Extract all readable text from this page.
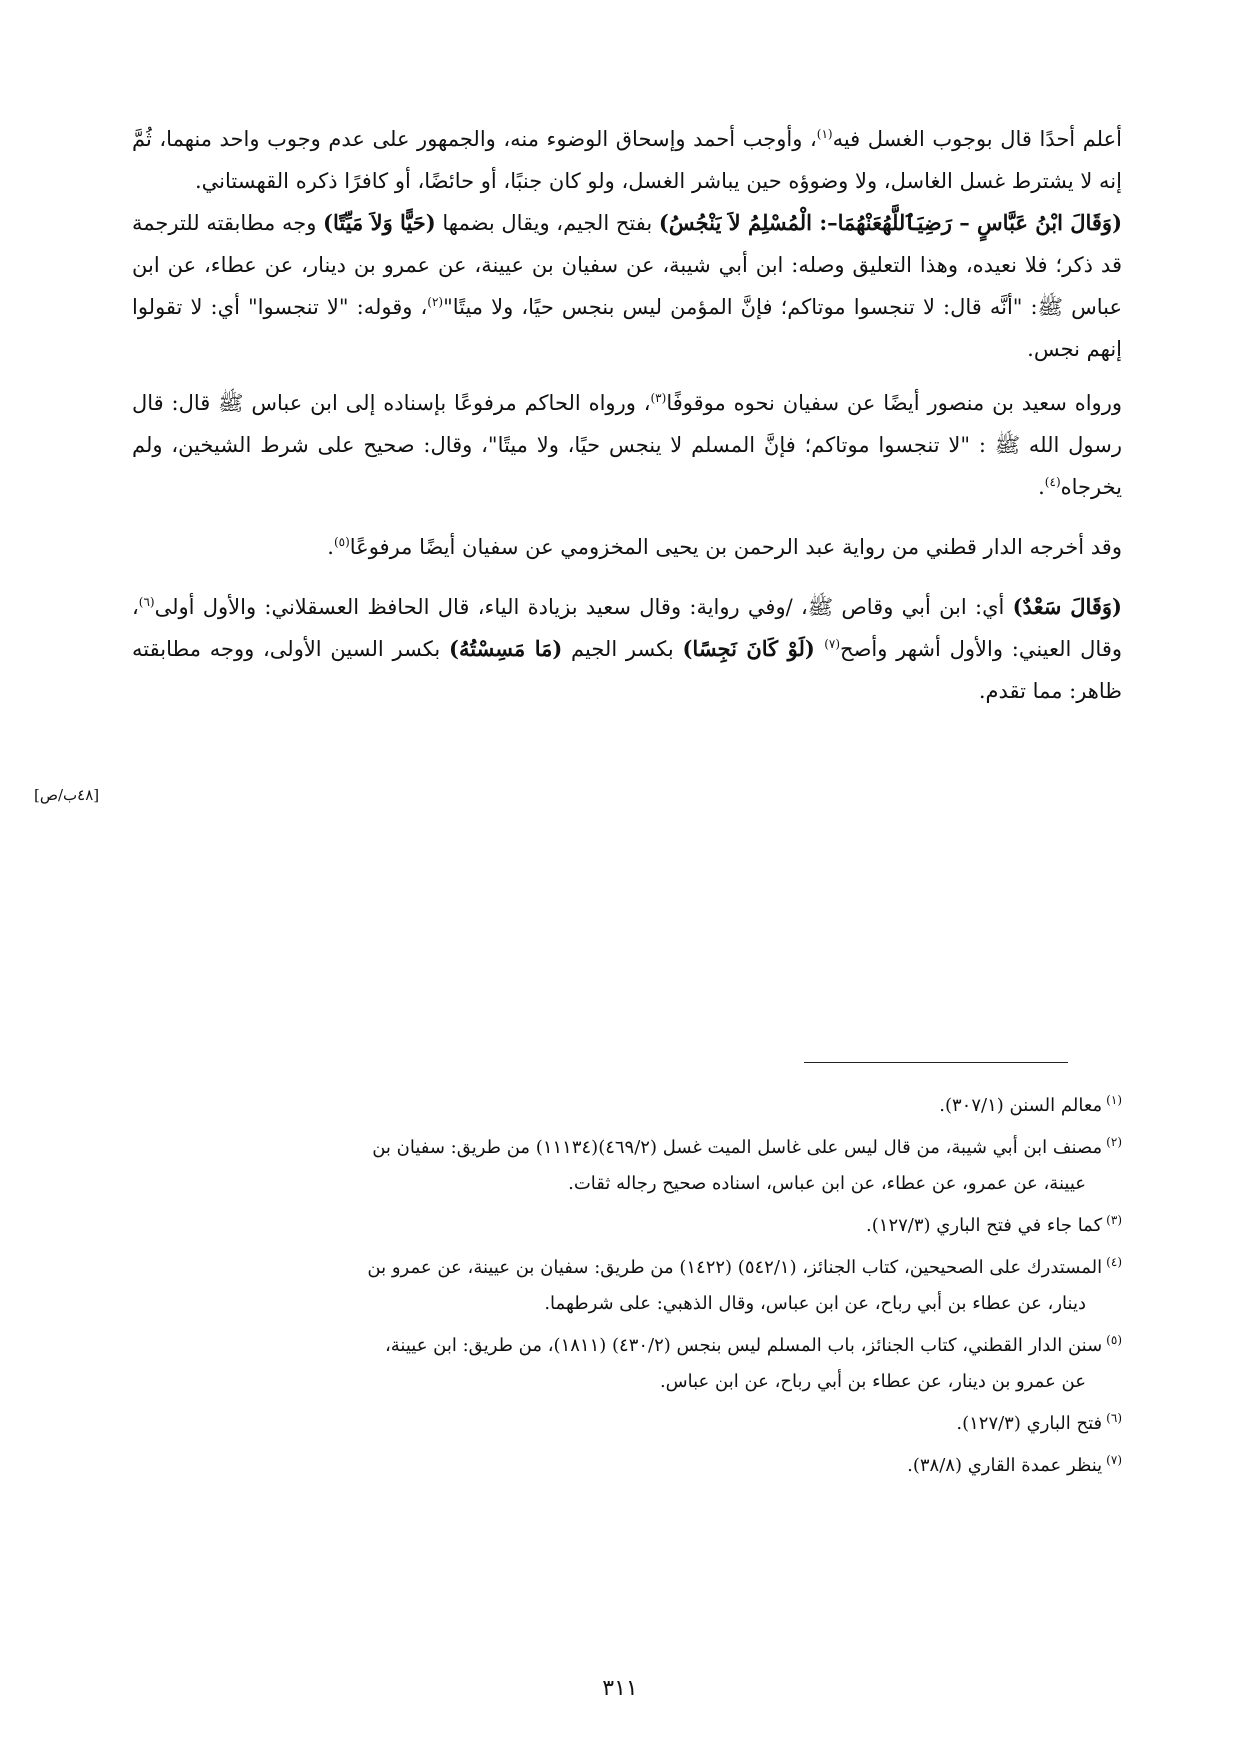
أعلم أحدًا قال بوجوب الغسل فيه$^{(١)}$، وأوجب أحمد وإسحاق الوضوء منه، والجمهور على عدم وجوب واحد منهما، ثُمَّ إنه لا يشترط غسل الغاسل، ولا وضوؤه حين يباشر الغسل، ولو كان جنبًا، أو حائضًا، أو كافرًا ذكره القهستاني.

(وَقَالَ ابْنُ عَبَّاسٍ – رَضِيَٱللَّهُعَنْهُمَا–: الْمُسْلِمُ لاَ يَنْجُسُ) بفتح الجيم، ويقال بضمها (حَيًّا وَلاَ مَيِّتًا) وجه مطابقته للترجمة قد ذكر؛ فلا نعيده، وهذا التعليق وصله: ابن أبي شيبة، عن سفيان بن عيينة، عن عمرو بن دينار، عن عطاء، عن ابن عباس ﷺ: "أنَّه قال: لا تنجسوا موتاكم؛ فإنَّ المؤمن ليس بنجس حيًا، ولا ميتًا"$^{(٢)}$، وقوله: "لا تنجسوا" أي: لا تقولوا إنهم نجس.

ورواه سعيد بن منصور أيضًا عن سفيان نحوه موقوفًا$^{(٣)}$، ورواه الحاكم مرفوعًا بإسناده إلى ابن عباس ﷺ قال: قال رسول الله ﷺ : "لا تنجسوا موتاكم؛ فإنَّ المسلم لا ينجس حيًا، ولا ميتًا"، وقال: صحيح على شرط الشيخين، ولم يخرجاه$^{(٤)}$.

وقد أخرجه الدار قطني من رواية عبد الرحمن بن يحيى المخزومي عن سفيان أيضًا مرفوعًا$^{(٥)}$.

(وَقَالَ سَعْدٌ) أي: ابن أبي وقاص ﷺ، /وفي رواية: وقال سعيد بزيادة الياء، قال الحافظ العسقلاني: والأول أولى$^{(٦)}$، وقال العيني: والأول أشهر وأصح$^{(٧)}$ (لَوْ كَانَ نَجِسًا) بكسر الجيم (مَا مَسِسْتُهُ) بكسر السين الأولى، ووجه مطابقته ظاهر: مما تقدم.

[٤٨ب/ص]

$^{(١)}$معالم السنن (٣٠٧/١).

$^{(٢)}$مصنف ابن أبي شيبة، من قال ليس على غاسل الميت غسل (٤٦٩/٢)(١١١٣٤) من طريق: سفيان بن
عيينة، عن عمرو، عن عطاء، عن ابن عباس، اسناده صحيح رجاله ثقات.

$^{(٣)}$كما جاء في فتح الباري (١٢٧/٣).

$^{(٤)}$المستدرك على الصحيحين، كتاب الجنائز، (٥٤٢/١) (١٤٢٢) من طريق: سفيان بن عيينة، عن عمرو بن
دينار، عن عطاء بن أبي رباح، عن ابن عباس، وقال الذهبي: على شرطهما.

$^{(٥)}$سنن الدار القطني، كتاب الجنائز، باب المسلم ليس بنجس (٤٣٠/٢) (١٨١١)، من طريق: ابن عيينة،
عن عمرو بن دينار، عن عطاء بن أبي رباح، عن ابن عباس.

$^{(٦)}$فتح الباري (١٢٧/٣).

$^{(٧)}$ينظر عمدة القاري (٣٨/٨).

٣١١
